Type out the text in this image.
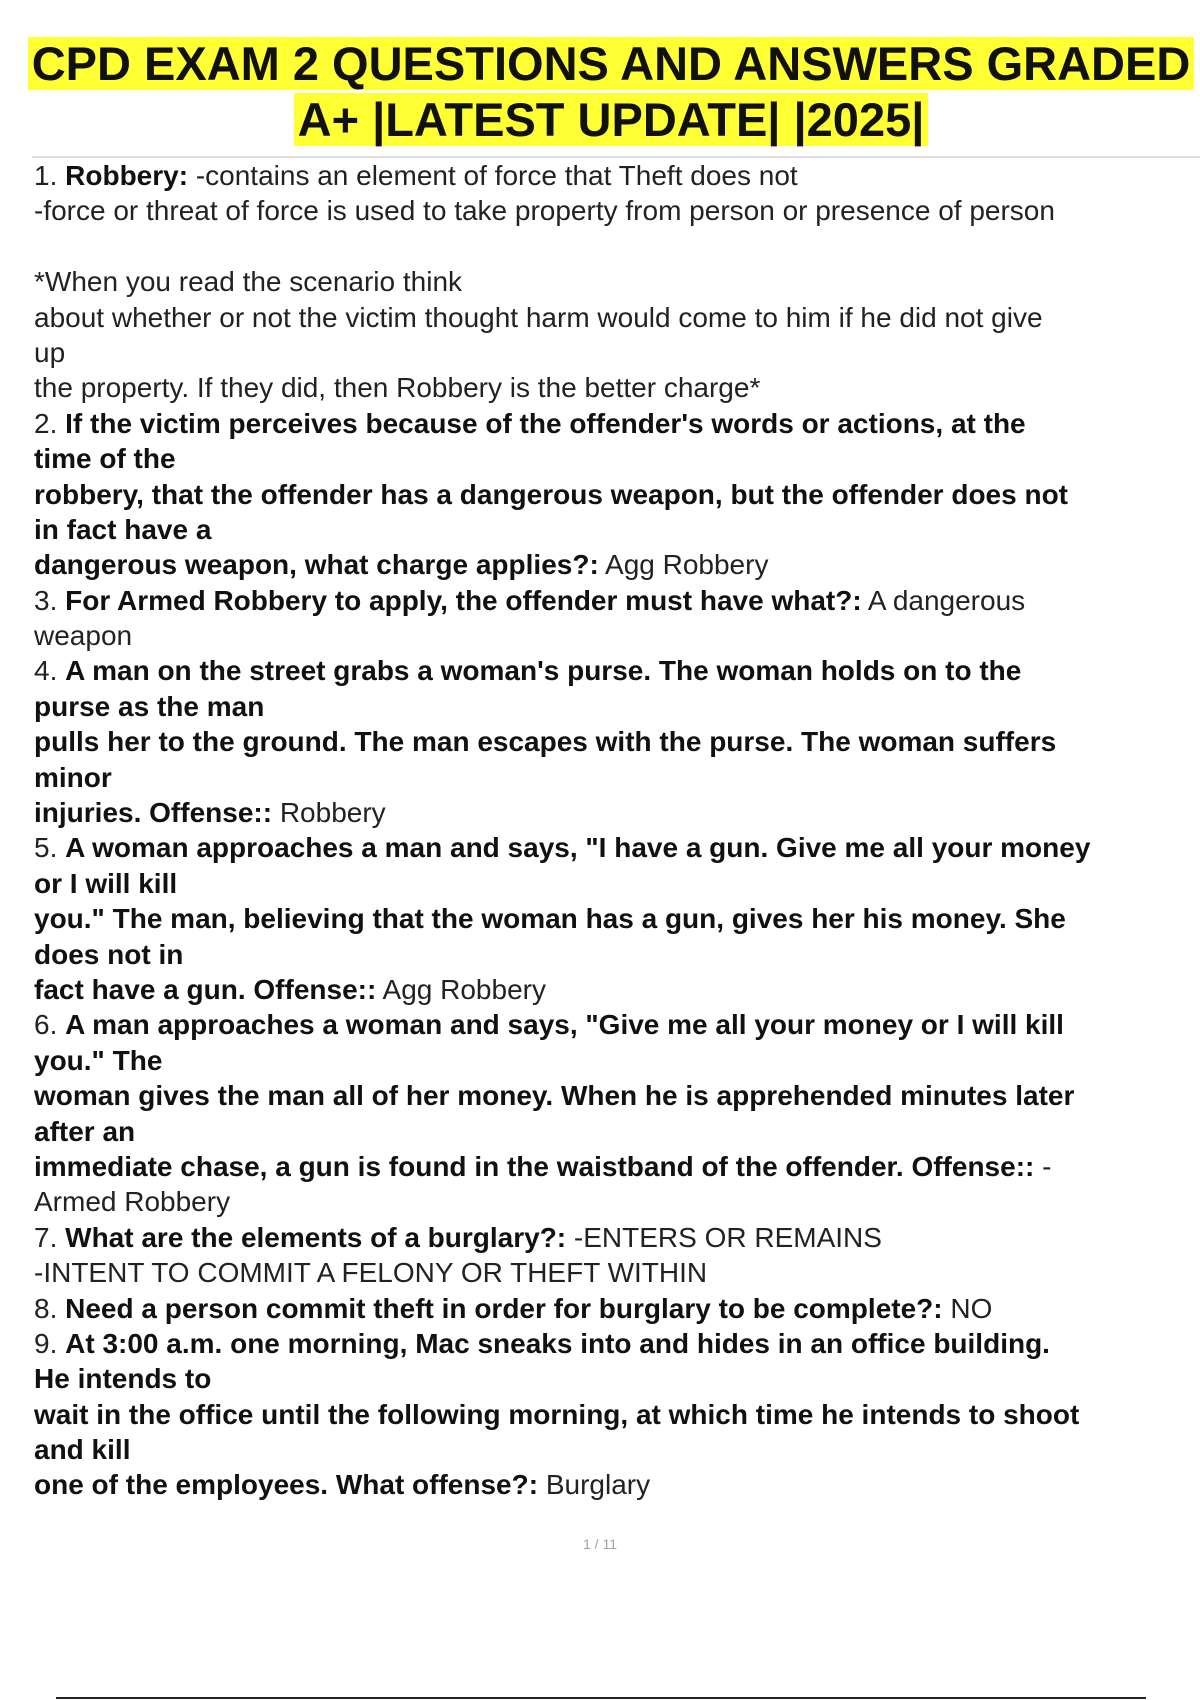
CPD EXAM 2 QUESTIONS AND ANSWERS GRADED
A+ |LATEST UPDATE| |2025|
1. Robbery: -contains an element of force that Theft does not
-force or threat of force is used to take property from person or presence of person
*When you read the scenario think
about whether or not the victim thought harm would come to him if he did not give
up
the property. If they did, then Robbery is the better charge*
2. If the victim perceives because of the offender's words or actions, at the
time of the
robbery, that the offender has a dangerous weapon, but the offender does not
in fact have a
dangerous weapon, what charge applies?: Agg Robbery
3. For Armed Robbery to apply, the offender must have what?: A dangerous
weapon
4. A man on the street grabs a woman's purse. The woman holds on to the
purse as the man
pulls her to the ground. The man escapes with the purse. The woman suffers
minor
injuries. Offense:: Robbery
5. A woman approaches a man and says, "I have a gun. Give me all your money
or I will kill
you." The man, believing that the woman has a gun, gives her his money. She
does not in
fact have a gun. Offense:: Agg Robbery
6. A man approaches a woman and says, "Give me all your money or I will kill
you." The
woman gives the man all of her money. When he is apprehended minutes later
after an
immediate chase, a gun is found in the waistband of the offender. Offense:: -
Armed Robbery
7. What are the elements of a burglary?: -ENTERS OR REMAINS
-INTENT TO COMMIT A FELONY OR THEFT WITHIN
8. Need a person commit theft in order for burglary to be complete?: NO
9. At 3:00 a.m. one morning, Mac sneaks into and hides in an office building.
He intends to
wait in the office until the following morning, at which time he intends to shoot
and kill
one of the employees. What offense?: Burglary
1 / 11
